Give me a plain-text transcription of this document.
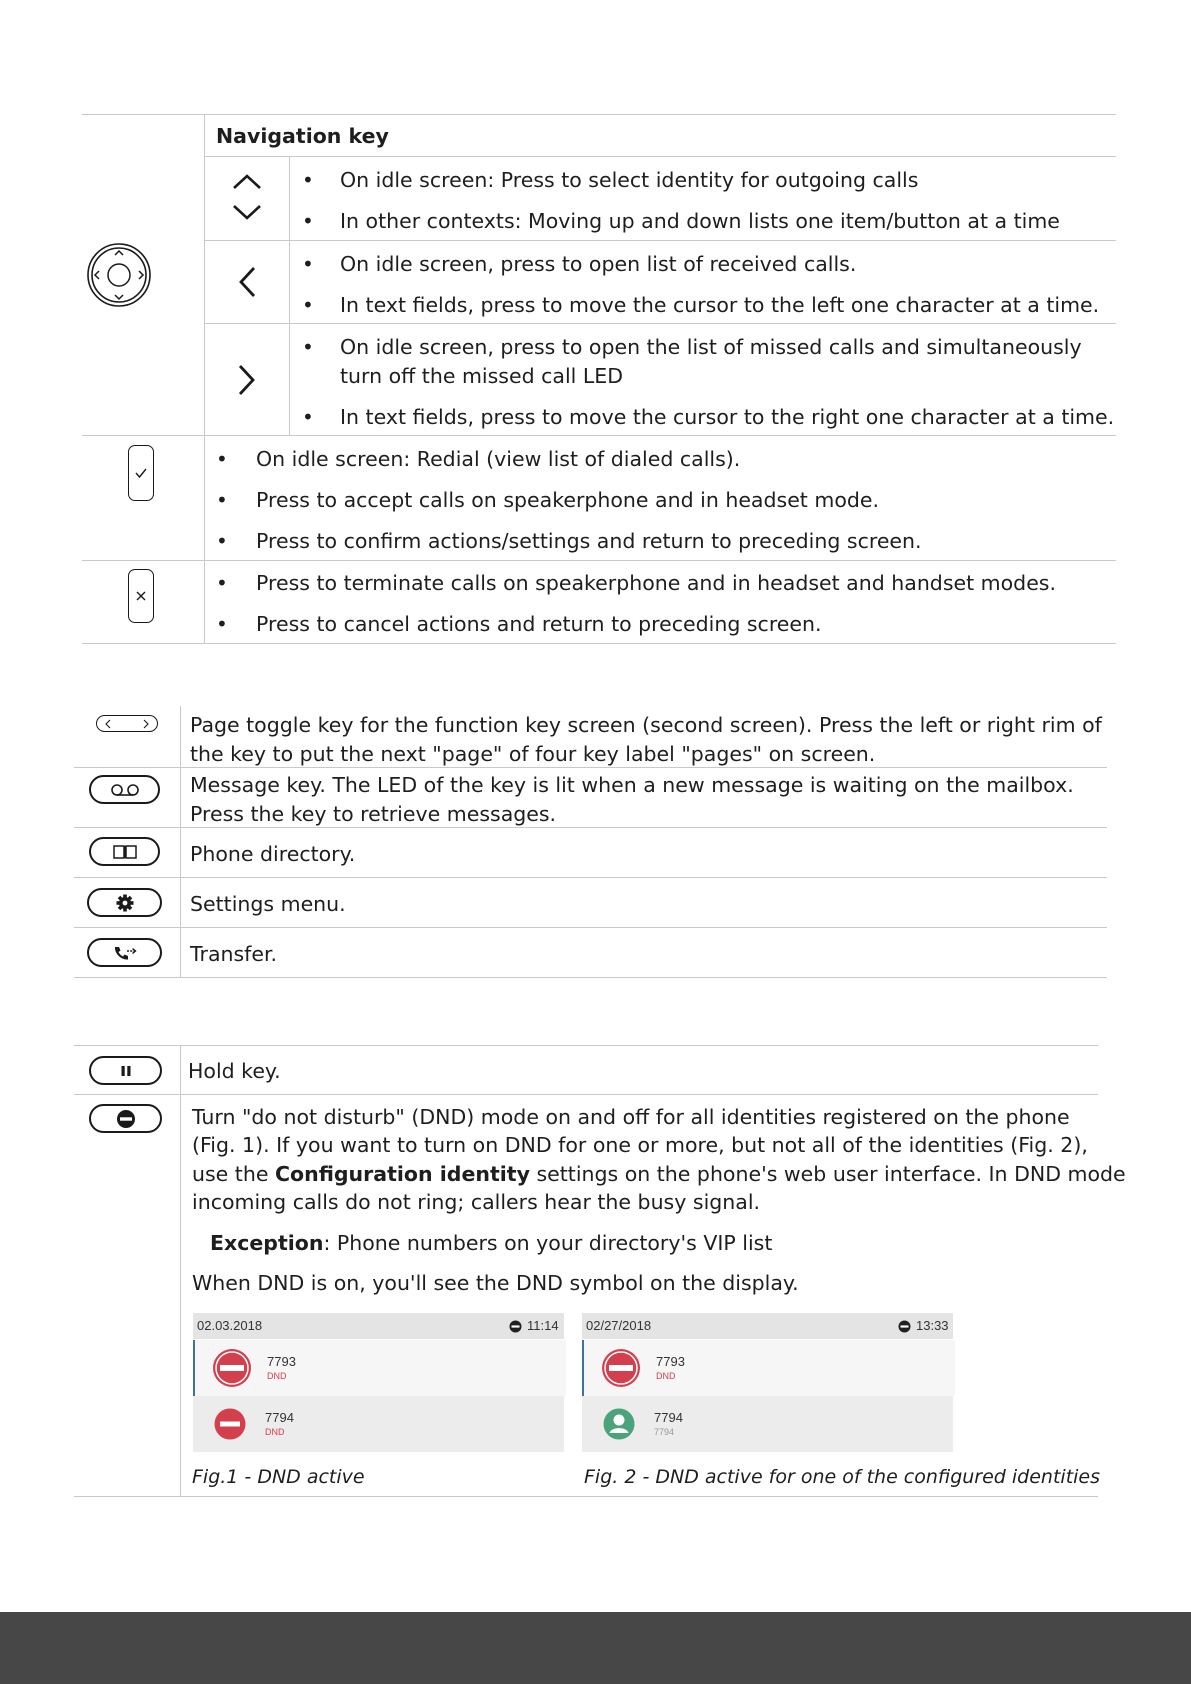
Navigation key
• On idle screen: Press to select identity for outgoing calls
• In other contexts: Moving up and down lists one item/button at a time
• On idle screen, press to open list of received calls.
• In text fields, press to move the cursor to the left one character at a time.
• On idle screen, press to open the list of missed calls and simultaneously
turn off the missed call LED
• In text fields, press to move the cursor to the right one character at a time.
• On idle screen: Redial (view list of dialed calls).
• Press to accept calls on speakerphone and in headset mode.
• Press to confirm actions/settings and return to preceding screen.
• Press to terminate calls on speakerphone and in headset and handset modes.
• Press to cancel actions and return to preceding screen.
Page toggle key for the function key screen (second screen). Press the left or right rim of
the key to put the next "page" of four key label "pages" on screen.
Message key. The LED of the key is lit when a new message is waiting on the mailbox.
Press the key to retrieve messages.
Phone directory.
Settings menu.
Transfer.
Hold key.
Turn "do not disturb" (DND) mode on and off for all identities registered on the phone
(Fig. 1). If you want to turn on DND for one or more, but not all of the identities (Fig. 2),
use the Configuration identity settings on the phone's web user interface. In DND mode
incoming calls do not ring; callers hear the busy signal.
Exception: Phone numbers on your directory's VIP list
When DND is on, you'll see the DND symbol on the display.
02.03.2018	11:14
7793
DND
7794
DND
Fig.1 - DND active
02/27/2018	13:33
7793
DND
7794
7794
Fig. 2 - DND active for one of the configured identities
